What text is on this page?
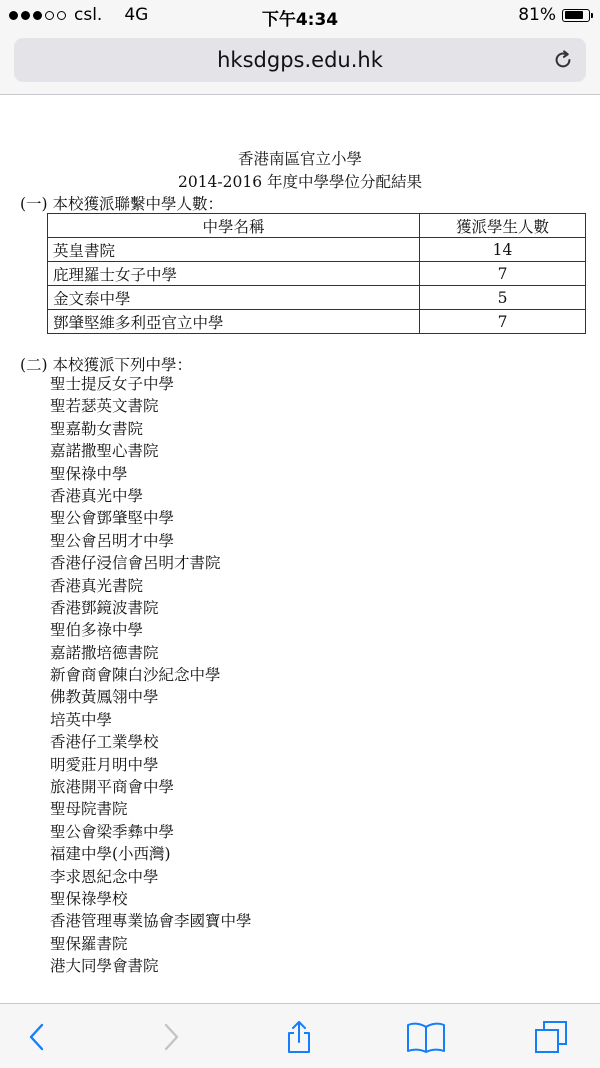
csl. 4G	下午4:34	81%
hksdgps.edu.hk
香港南區官立小學
2014-2016 年度中學學位分配結果
(一) 本校獲派聯繫中學人數：
中學名稱	獲派學生人數
英皇書院	14
庇理羅士女子中學	7
金文泰中學	5
鄧肇堅維多利亞官立中學	7
(二) 本校獲派下列中學：
聖士提反女子中學
聖若瑟英文書院
聖嘉勒女書院
嘉諾撒聖心書院
聖保祿中學
香港真光中學
聖公會鄧肇堅中學
聖公會呂明才中學
香港仔浸信會呂明才書院
香港真光書院
香港鄧鏡波書院
聖伯多祿中學
嘉諾撒培德書院
新會商會陳白沙紀念中學
佛教黃鳳翎中學
培英中學
香港仔工業學校
明愛莊月明中學
旅港開平商會中學
聖母院書院
聖公會梁季彝中學
福建中學(小西灣)
李求恩紀念中學
聖保祿學校
香港管理專業協會李國寶中學
聖保羅書院
港大同學會書院
